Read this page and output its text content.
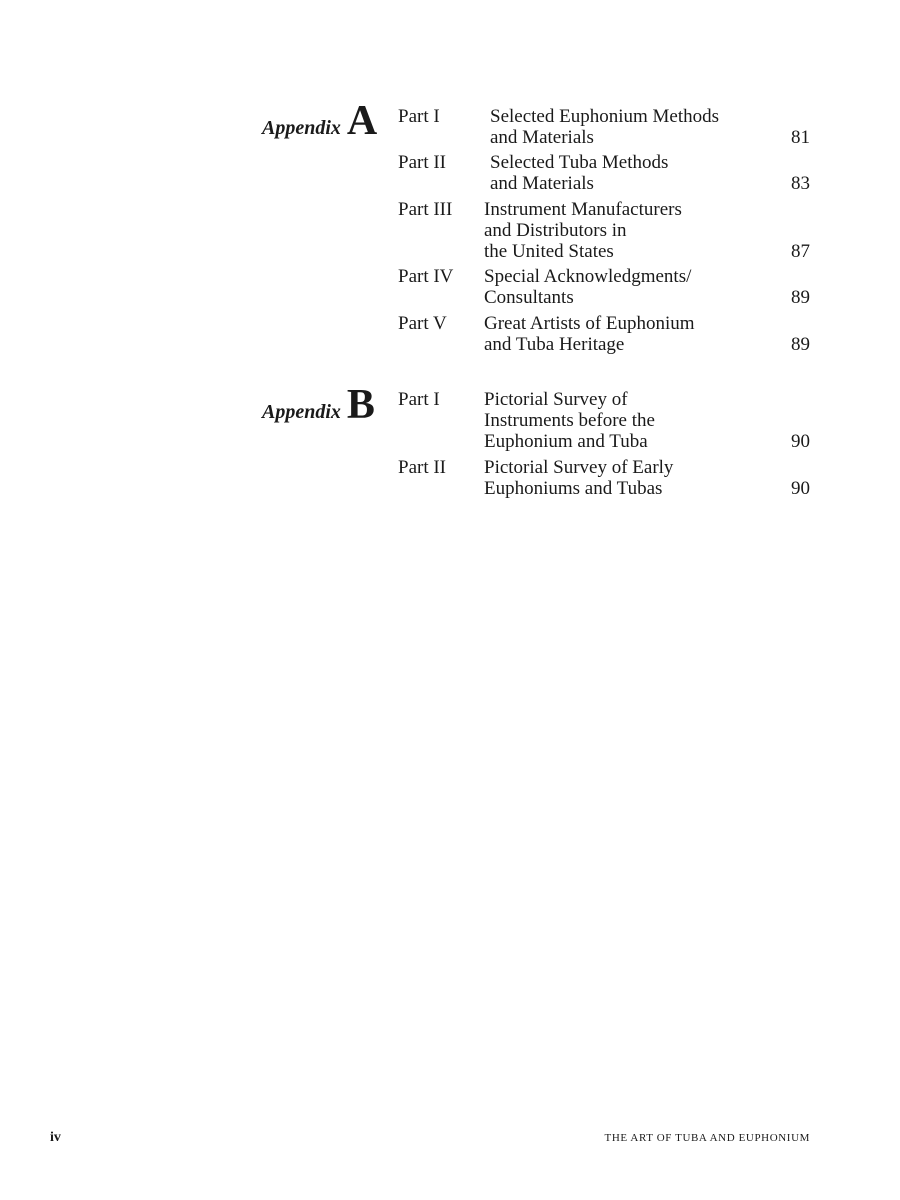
Appendix A Part I	Selected Euphonium Methods
and Materials	81
Part II Selected Tuba Methods
and Materials	83
Part III Instrument Manufacturers
and Distributors in
the United States	87
Part IV Special Acknowledgments/
Consultants	89
Part V Great Artists of Euphonium
and Tuba Heritage	89
Appendix B Part I Pictorial Survey of
Instruments before the
Euphonium and Tuba	90
Part II Pictorial Survey of Early
Euphoniums and Tubas	90
iv	THE ART OF TUBA AND EUPHONIUM
